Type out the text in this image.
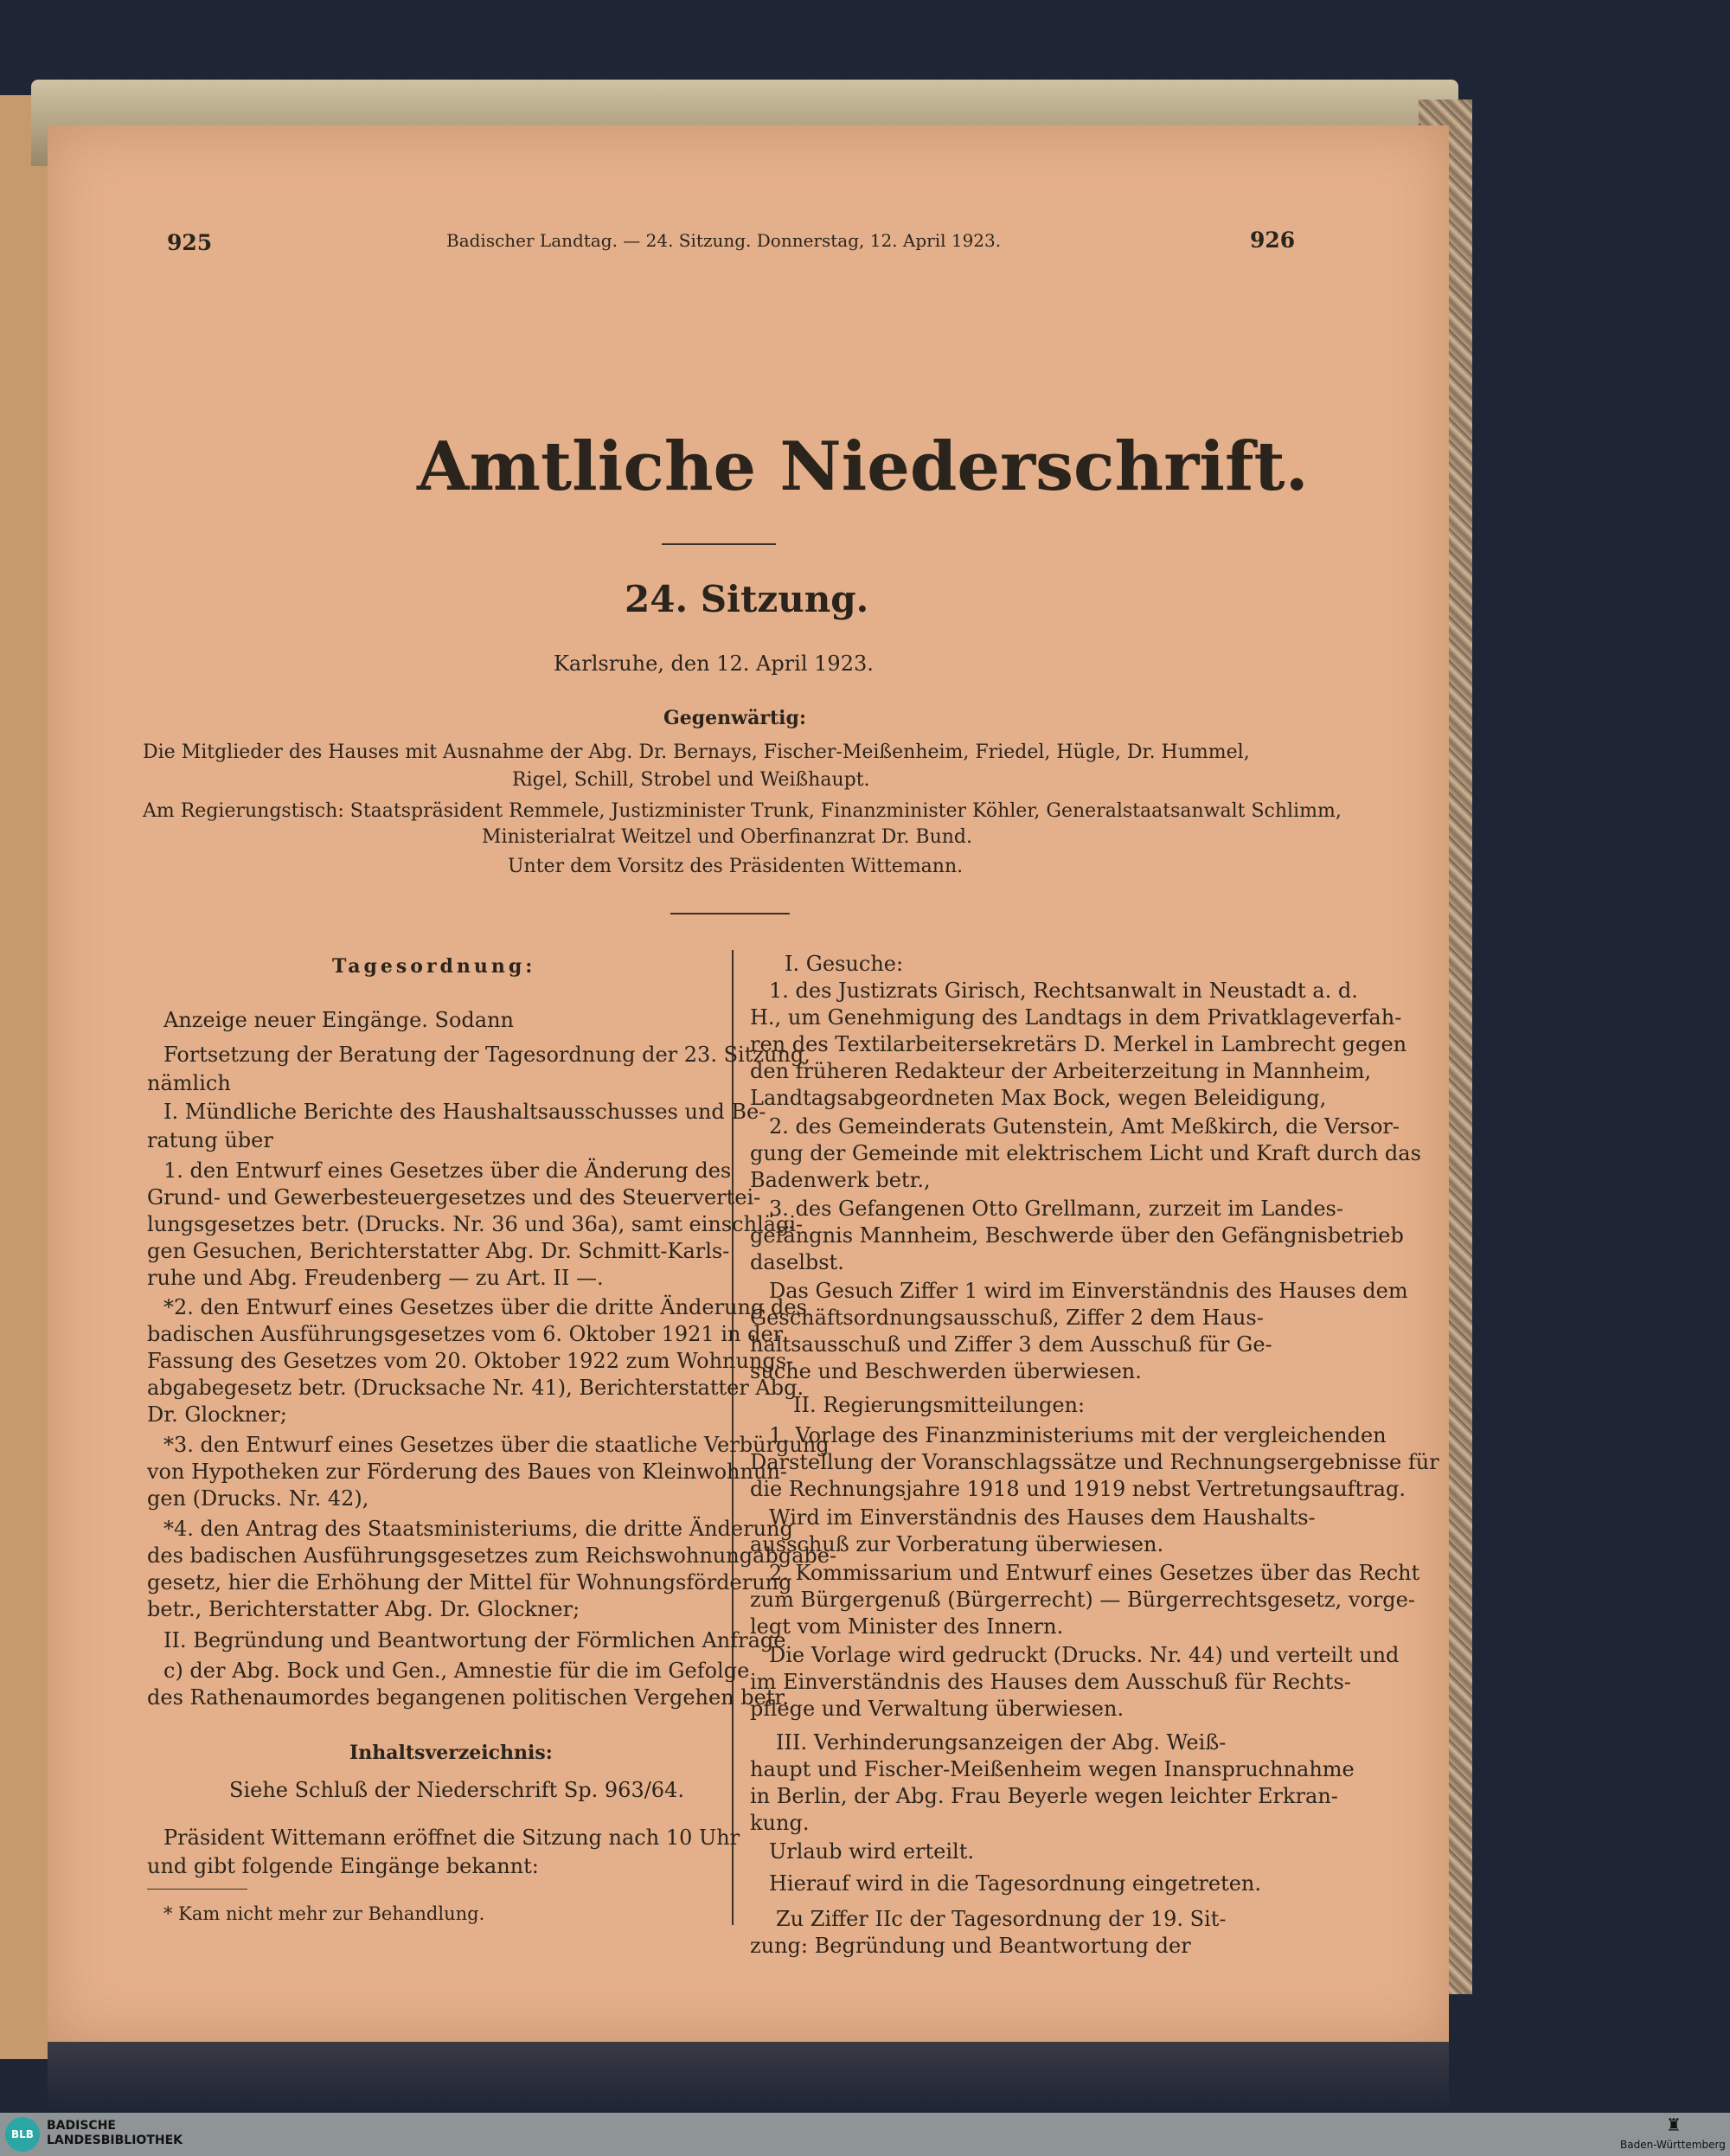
925	Badischer Landtag. — 24. Sitzung. Donnerstag, 12. April 1923.	926
Amtliche Niederschrift.
24. Sitzung.
Karlsruhe, den 12. April 1923.
Gegenwärtig:
Die Mitglieder des Hauses mit Ausnahme der Abg. Dr. Bernays, Fischer-Meißenheim, Friedel, Hügle, Dr. Hummel,
Rigel, Schill, Strobel und Weißhaupt.
Am Regierungstisch: Staatspräsident Remmele, Justizminister Trunk, Finanzminister Köhler, Generalstaatsanwalt Schlimm,
Ministerialrat Weitzel und Oberfinanzrat Dr. Bund.
Unter dem Vorsitz des Präsidenten Wittemann.
Tagesordnung:
Anzeige neuer Eingänge. Sodann
Fortsetzung der Beratung der Tagesordnung der 23. Sitzung,
nämlich
I. Mündliche Berichte des Haushaltsausschusses und Be-
ratung über
1. den Entwurf eines Gesetzes über die Änderung des
Grund- und Gewerbesteuergesetzes und des Steuervertei-
lungsgesetzes betr. (Drucks. Nr. 36 und 36a), samt einschlägi-
gen Gesuchen, Berichterstatter Abg. Dr. Schmitt-Karls-
ruhe und Abg. Freudenberg — zu Art. II —.
*2. den Entwurf eines Gesetzes über die dritte Änderung des
badischen Ausführungsgesetzes vom 6. Oktober 1921 in der
Fassung des Gesetzes vom 20. Oktober 1922 zum Wohnungs-
abgabegesetz betr. (Drucksache Nr. 41), Berichterstatter Abg.
Dr. Glockner;
*3. den Entwurf eines Gesetzes über die staatliche Verbürgung
von Hypotheken zur Förderung des Baues von Kleinwohnun-
gen (Drucks. Nr. 42),
*4. den Antrag des Staatsministeriums, die dritte Änderung
des badischen Ausführungsgesetzes zum Reichswohnungabgabe-
gesetz, hier die Erhöhung der Mittel für Wohnungsförderung
betr., Berichterstatter Abg. Dr. Glockner;
II. Begründung und Beantwortung der Förmlichen Anfrage
c) der Abg. Bock und Gen., Amnestie für die im Gefolge
des Rathenaumordes begangenen politischen Vergehen betr.
Inhaltsverzeichnis:
Siehe Schluß der Niederschrift Sp. 963/64.
Präsident Wittemann eröffnet die Sitzung nach 10 Uhr
und gibt folgende Eingänge bekannt:
* Kam nicht mehr zur Behandlung.
I. Gesuche:
1. des Justizrats Girisch, Rechtsanwalt in Neustadt a. d.
H., um Genehmigung des Landtags in dem Privatklageverfah-
ren des Textilarbeitersekretärs D. Merkel in Lambrecht gegen
den früheren Redakteur der Arbeiterzeitung in Mannheim,
Landtagsabgeordneten Max Bock, wegen Beleidigung,
2. des Gemeinderats Gutenstein, Amt Meßkirch, die Versor-
gung der Gemeinde mit elektrischem Licht und Kraft durch das
Badenwerk betr.,
3. des Gefangenen Otto Grellmann, zurzeit im Landes-
gefängnis Mannheim, Beschwerde über den Gefängnisbetrieb
daselbst.
Das Gesuch Ziffer 1 wird im Einverständnis des Hauses dem
Geschäftsordnungsausschuß, Ziffer 2 dem Haus-
haltsausschuß und Ziffer 3 dem Ausschuß für Ge-
suche und Beschwerden überwiesen.
II. Regierungsmitteilungen:
1. Vorlage des Finanzministeriums mit der vergleichenden
Darstellung der Voranschlagssätze und Rechnungsergebnisse für
die Rechnungsjahre 1918 und 1919 nebst Vertretungsauftrag.
Wird im Einverständnis des Hauses dem Haushalts-
ausschuß zur Vorberatung überwiesen.
2. Kommissarium und Entwurf eines Gesetzes über das Recht
zum Bürgergenuß (Bürgerrecht) — Bürgerrechtsgesetz, vorge-
legt vom Minister des Innern.
Die Vorlage wird gedruckt (Drucks. Nr. 44) und verteilt und
im Einverständnis des Hauses dem Ausschuß für Rechts-
pflege und Verwaltung überwiesen.
III. Verhinderungsanzeigen der Abg. Weiß-
haupt und Fischer-Meißenheim wegen Inanspruchnahme
in Berlin, der Abg. Frau Beyerle wegen leichter Erkran-
kung.
Urlaub wird erteilt.
Hierauf wird in die Tagesordnung eingetreten.
Zu Ziffer IIc der Tagesordnung der 19. Sit-
zung: Begründung und Beantwortung der
BLB
BADISCHE
LANDESBIBLIOTHEK
♜
Baden-Württemberg
